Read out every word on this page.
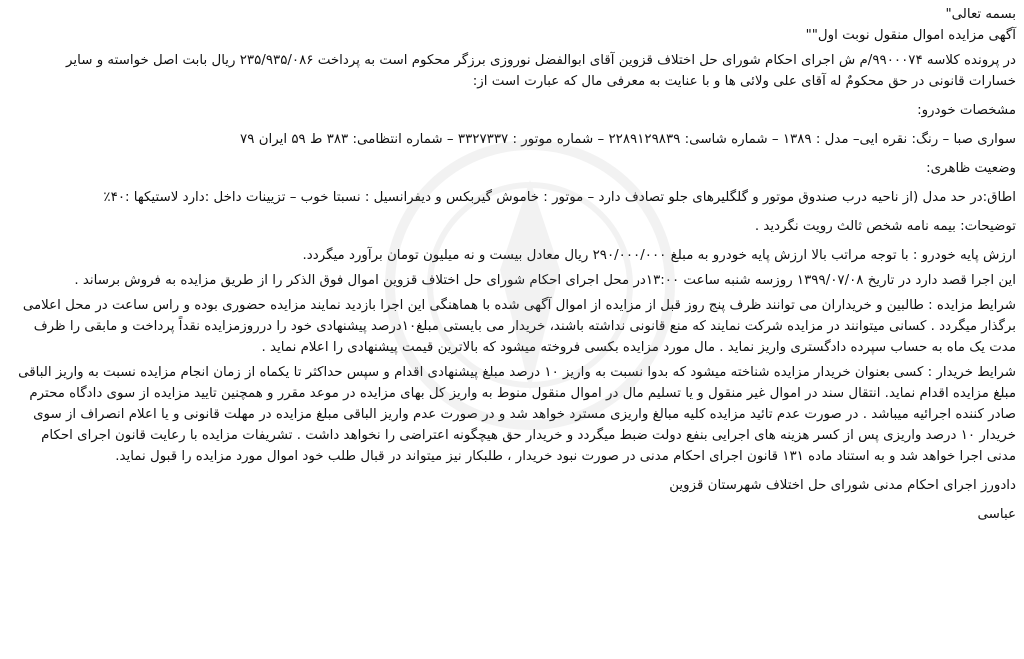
بسمه تعالی"

آگهی مزایده اموال منقول نوبت اول""

در پرونده کلاسه ۹۹۰۰۰۷۴/م ش اجرای احکام شورای حل اختلاف قزوین آقای ابوالفضل نوروزی برزگر محکوم است به پرداخت ۲۳۵/۹۳۵/۰۸۶ ریال بابت اصل خواسته و سایر

خسارات قانونی در حق محکومٌ له آقای علی ولائی ها و با عنایت به معرفی مال که عبارت است از:

مشخصات خودرو:

سواری صبا – رنگ: نقره ایی– مدل : ۱۳۸۹ – شماره شاسی: ۲۲۸۹۱۲۹۸۳۹ – شماره موتور : ۳۳۲۷۳۳۷ – شماره انتظامی: ۳۸۳ ط ۵۹ ایران ۷۹

وضعیت ظاهری:

اطاق:در حد مدل (از ناحیه درب صندوق موتور و گلگلیرهای جلو تصادف دارد – موتور : خاموش گیربکس و دیفرانسیل : نسبتا خوب – تزیینات داخل :دارد لاستیکها :۴۰٪

توضیحات: بیمه نامه شخص ثالث رویت نگردید .

ارزش پایه خودرو : با توجه مراتب بالا ارزش پایه خودرو به مبلغ ۲۹۰/۰۰۰/۰۰۰ ریال معادل بیست و نه میلیون تومان برآورد میگردد.

این اجرا قصد دارد در تاریخ ۱۳۹۹/۰۷/۰۸ روزسه شنبه ساعت ۱۳:۰۰در محل اجرای احکام شورای حل اختلاف قزوین اموال فوق الذکر را از طریق مزایده به فروش برساند .

شرایط مزایده : طالبین و خریداران می توانند ظرف پنج روز قبل از مزایده از اموال آگهی شده با هماهنگی این اجرا بازدید نمایند مزایده حضوری بوده و راس ساعت در محل اعلامی

برگذار میگردد . کسانی میتوانند در مزایده شرکت نمایند که منع قانونی نداشته باشند، خریدار می بایستی مبلغ۱۰درصد پیشنهادی خود را درروزمزایده نقداً پرداخت و مابقی را ظرف

مدت یک ماه به حساب سپرده دادگستری واریز نماید . مال مورد مزایده بکسی فروخته میشود که بالاترین قیمت پیشنهادی را اعلام نماید .

شرایط خریدار : کسی بعنوان خریدار مزایده شناخته میشود که بدوا نسبت به واریز ۱۰ درصد مبلغ پیشنهادی اقدام و سپس حداکثر تا یکماه از زمان انجام مزایده نسبت به واریز الباقی

مبلغ مزایده اقدام نماید. انتقال سند در اموال غیر منقول و یا تسلیم مال در اموال منقول منوط به واریز کل بهای مزایده در موعد مقرر و همچنین تایید مزایده از سوی دادگاه محترم

صادر کننده اجرائیه میباشد . در صورت عدم تائید مزایده کلیه مبالغ واریزی مسترد خواهد شد و در صورت عدم واریز الباقی مبلغ مزایده در مهلت قانونی و یا اعلام انصراف از سوی

خریدار ۱۰ درصد واریزی پس از کسر هزینه های اجرایی بنفع دولت ضبط میگردد و خریدار حق هیچگونه اعتراضی را نخواهد داشت . تشریفات مزایده با رعایت قانون اجرای احکام

مدنی اجرا خواهد شد و به استناد ماده ۱۳۱ قانون اجرای احکام مدنی در صورت نبود خریدار ، طلبکار نیز میتواند در قبال طلب خود اموال مورد مزایده را قبول نماید.

دادورز اجرای احکام مدنی شورای حل اختلاف شهرستان قزوین

عباسی
